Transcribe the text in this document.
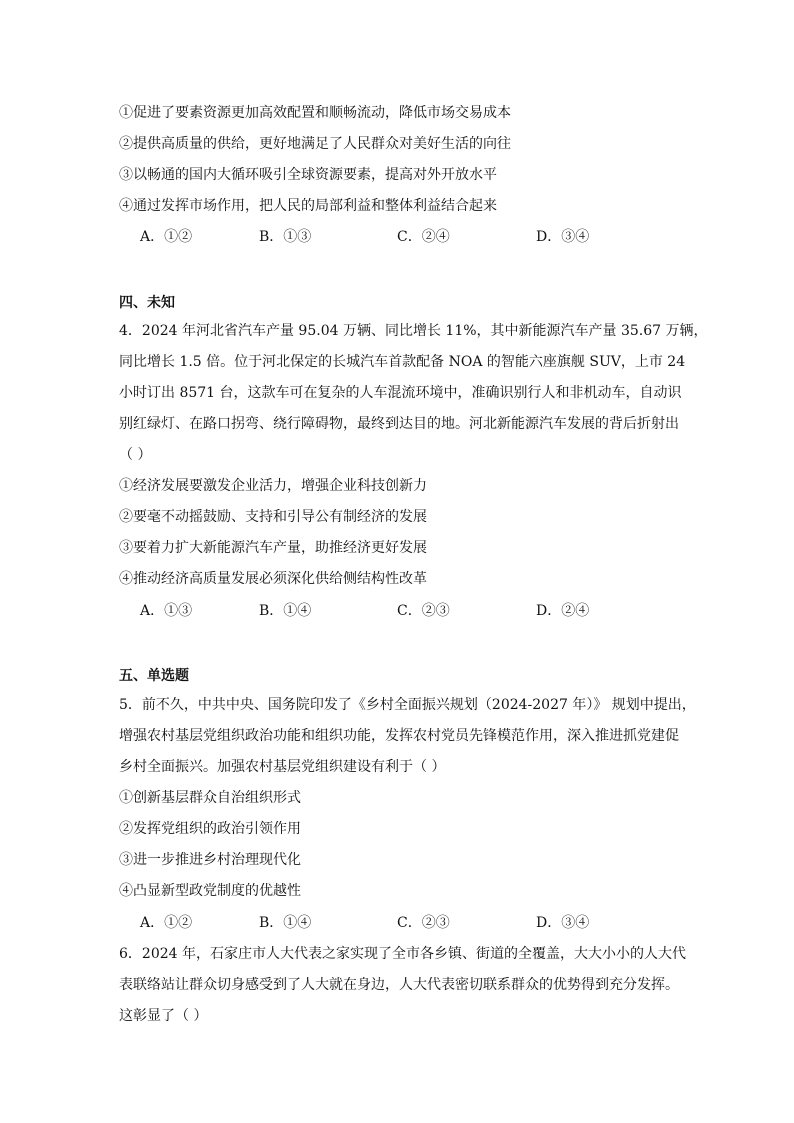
①促进了要素资源更加高效配置和顺畅流动，降低市场交易成本
②提供高质量的供给，更好地满足了人民群众对美好生活的向往
③以畅通的国内大循环吸引全球资源要素，提高对外开放水平
④通过发挥市场作用，把人民的局部利益和整体利益结合起来
A．①②	B．①③	C．②④	D．③④
四、未知
4．2024 年河北省汽车产量 95.04 万辆、同比增长 11%，其中新能源汽车产量 35.67 万辆，
同比增长 1.5 倍。位于河北保定的长城汽车首款配备 NOA 的智能六座旗舰 SUV，上市 24
小时订出 8571 台，这款车可在复杂的人车混流环境中，准确识别行人和非机动车，自动识
别红绿灯、在路口拐弯、绕行障碍物，最终到达目的地。河北新能源汽车发展的背后折射出
（ ）
①经济发展要激发企业活力，增强企业科技创新力
②要毫不动摇鼓励、支持和引导公有制经济的发展
③要着力扩大新能源汽车产量，助推经济更好发展
④推动经济高质量发展必须深化供给侧结构性改革
A．①③	B．①④	C．②③	D．②④
五、单选题
5．前不久，中共中央、国务院印发了《乡村全面振兴规划（2024-2027 年）》 规划中提出，
增强农村基层党组织政治功能和组织功能，发挥农村党员先锋模范作用，深入推进抓党建促
乡村全面振兴。加强农村基层党组织建设有利于（ ）
①创新基层群众自治组织形式
②发挥党组织的政治引领作用
③进一步推进乡村治理现代化
④凸显新型政党制度的优越性
A．①②	B．①④	C．②③	D．③④
6．2024 年，石家庄市人大代表之家实现了全市各乡镇、街道的全覆盖，大大小小的人大代
表联络站让群众切身感受到了人大就在身边，人大代表密切联系群众的优势得到充分发挥。
这彰显了（ ）
